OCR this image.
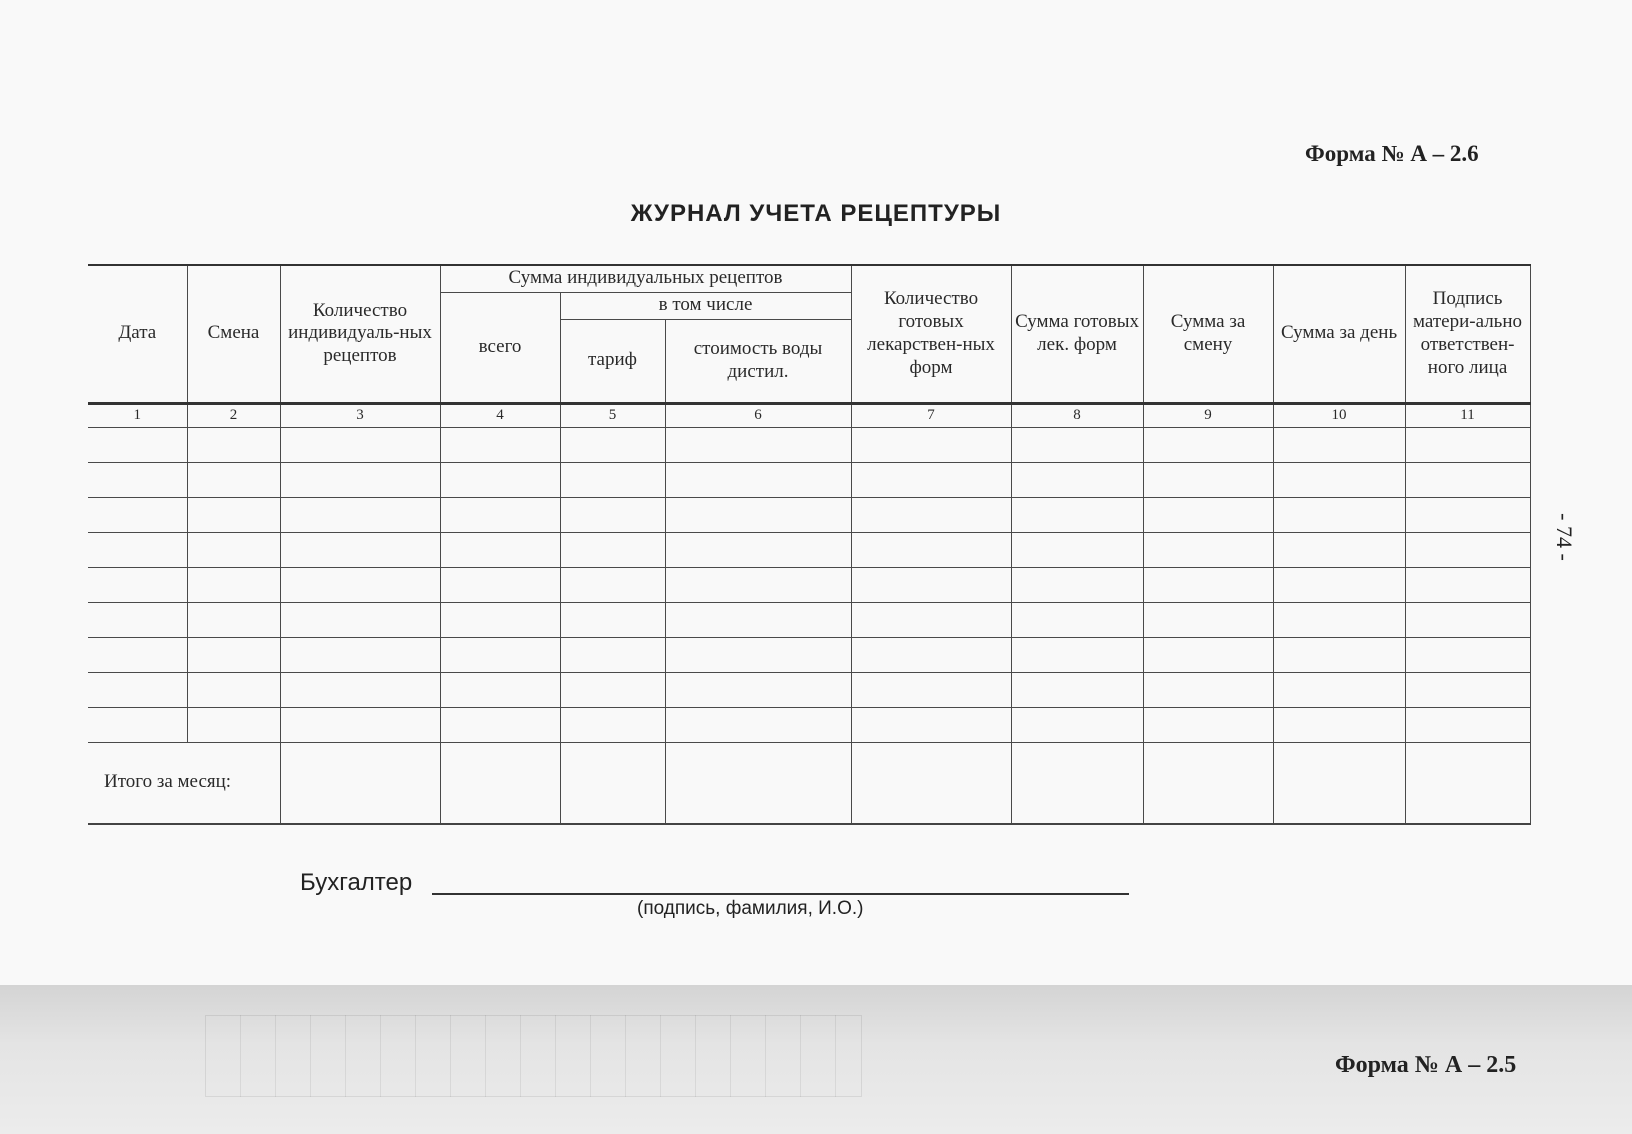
Форма № А – 2.6
ЖУРНАЛ УЧЕТА РЕЦЕПТУРЫ
- 74 -
Дата	Смена	Количество индивидуаль-ных рецептов	Сумма индивидуальных рецептов			Количество готовых лекарствен-ных форм	Сумма готовых лек. форм	Сумма за смену	Сумма за день	Подпись матери-ально ответствен-ного лица
			всего	в том числе						
				тариф	стоимость воды дистил.					
1	2	3	4	5	6	7	8	9	10	11

Итого за месяц:										
Бухгалтер
(подпись, фамилия, И.О.)
Форма № А – 2.5
